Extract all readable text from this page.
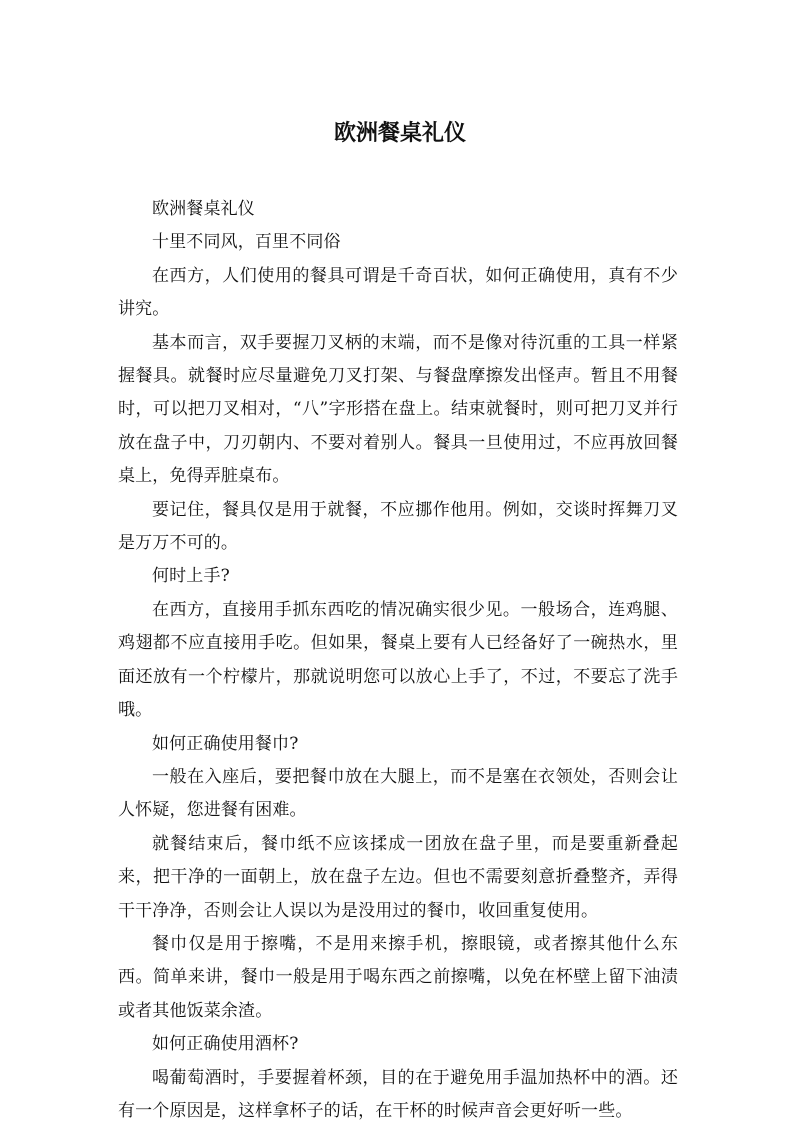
欧洲餐桌礼仪

欧洲餐桌礼仪

十里不同风，百里不同俗

在西方，人们使用的餐具可谓是千奇百状，如何正确使用，真有不少讲究。

基本而言，双手要握刀叉柄的末端，而不是像对待沉重的工具一样紧握餐具。就餐时应尽量避免刀叉打架、与餐盘摩擦发出怪声。暂且不用餐时，可以把刀叉相对，“八”字形搭在盘上。结束就餐时，则可把刀叉并行放在盘子中，刀刃朝内、不要对着别人。餐具一旦使用过，不应再放回餐桌上，免得弄脏桌布。

要记住，餐具仅是用于就餐，不应挪作他用。例如，交谈时挥舞刀叉是万万不可的。

何时上手?

在西方，直接用手抓东西吃的情况确实很少见。一般场合，连鸡腿、鸡翅都不应直接用手吃。但如果，餐桌上要有人已经备好了一碗热水，里面还放有一个柠檬片，那就说明您可以放心上手了，不过，不要忘了洗手哦。

如何正确使用餐巾?

一般在入座后，要把餐巾放在大腿上，而不是塞在衣领处，否则会让人怀疑，您进餐有困难。

就餐结束后，餐巾纸不应该揉成一团放在盘子里，而是要重新叠起来，把干净的一面朝上，放在盘子左边。但也不需要刻意折叠整齐，弄得干干净净，否则会让人误以为是没用过的餐巾，收回重复使用。

餐巾仅是用于擦嘴，不是用来擦手机，擦眼镜，或者擦其他什么东西。简单来讲，餐巾一般是用于喝东西之前擦嘴，以免在杯壁上留下油渍或者其他饭菜余渣。

如何正确使用酒杯?

喝葡萄酒时，手要握着杯颈，目的在于避免用手温加热杯中的酒。还有一个原因是，这样拿杯子的话，在干杯的时候声音会更好听一些。
